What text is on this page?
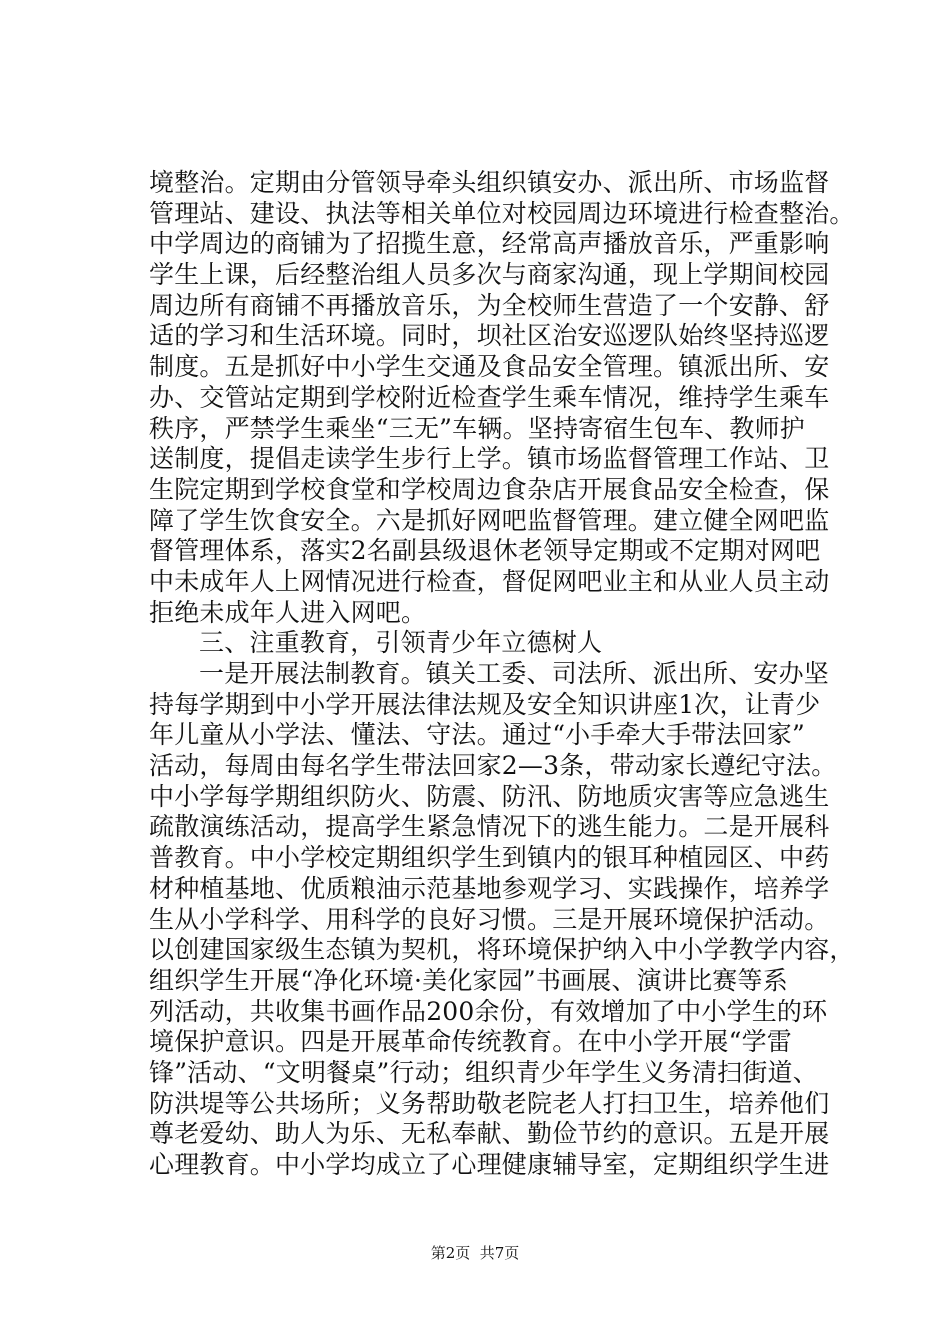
境整治。定期由分管领导牵头组织镇安办、派出所、市场监督
管理站、建设、执法等相关单位对校园周边环境进行检查整治。
中学周边的商铺为了招揽生意，经常高声播放音乐，严重影响
学生上课，后经整治组人员多次与商家沟通，现上学期间校园
周边所有商铺不再播放音乐，为全校师生营造了一个安静、舒
适的学习和生活环境。同时，坝社区治安巡逻队始终坚持巡逻
制度。五是抓好中小学生交通及食品安全管理。镇派出所、安
办、交管站定期到学校附近检查学生乘车情况，维持学生乘车
秩序，严禁学生乘坐“三无”车辆。坚持寄宿生包车、教师护
送制度，提倡走读学生步行上学。镇市场监督管理工作站、卫
生院定期到学校食堂和学校周边食杂店开展食品安全检查，保
障了学生饮食安全。六是抓好网吧监督管理。建立健全网吧监
督管理体系，落实2名副县级退休老领导定期或不定期对网吧
中未成年人上网情况进行检查，督促网吧业主和从业人员主动
拒绝未成年人进入网吧。
三、注重教育，引领青少年立德树人
一是开展法制教育。镇关工委、司法所、派出所、安办坚
持每学期到中小学开展法律法规及安全知识讲座1次，让青少
年儿童从小学法、懂法、守法。通过“小手牵大手带法回家”
活动，每周由每名学生带法回家2—3条，带动家长遵纪守法。
中小学每学期组织防火、防震、防汛、防地质灾害等应急逃生
疏散演练活动，提高学生紧急情况下的逃生能力。二是开展科
普教育。中小学校定期组织学生到镇内的银耳种植园区、中药
材种植基地、优质粮油示范基地参观学习、实践操作，培养学
生从小学科学、用科学的良好习惯。三是开展环境保护活动。
以创建国家级生态镇为契机，将环境保护纳入中小学教学内容，
组织学生开展“净化环境·美化家园”书画展、演讲比赛等系
列活动，共收集书画作品200余份，有效增加了中小学生的环
境保护意识。四是开展革命传统教育。在中小学开展“学雷
锋”活动、“文明餐桌”行动；组织青少年学生义务清扫街道、
防洪堤等公共场所；义务帮助敬老院老人打扫卫生，培养他们
尊老爱幼、助人为乐、无私奉献、勤俭节约的意识。五是开展
心理教育。中小学均成立了心理健康辅导室，定期组织学生进
第2页  共7页
